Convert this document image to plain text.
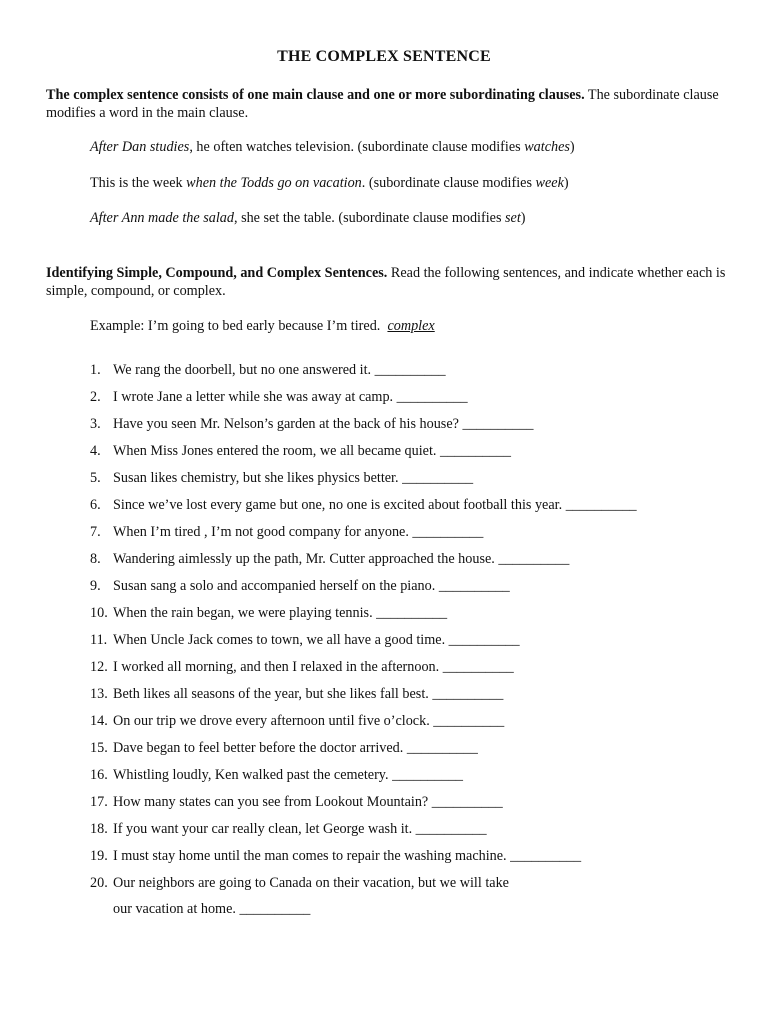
THE COMPLEX SENTENCE
The complex sentence consists of one main clause and one or more subordinating clauses. The subordinate clause modifies a word in the main clause.
After Dan studies, he often watches television. (subordinate clause modifies watches)
This is the week when the Todds go on vacation. (subordinate clause modifies week)
After Ann made the salad, she set the table. (subordinate clause modifies set)
Identifying Simple, Compound, and Complex Sentences. Read the following sentences, and indicate whether each is simple, compound, or complex.
Example: I’m going to bed early because I’m tired.  complex
1. We rang the doorbell, but no one answered it. __________
2. I wrote Jane a letter while she was away at camp. __________
3. Have you seen Mr. Nelson’s garden at the back of his house? __________
4. When Miss Jones entered the room, we all became quiet. __________
5. Susan likes chemistry, but she likes physics better. __________
6. Since we’ve lost every game but one, no one is excited about football this year. __________
7. When I’m tired , I’m not good company for anyone. __________
8. Wandering aimlessly up the path, Mr. Cutter approached the house. __________
9. Susan sang a solo and accompanied herself on the piano. __________
10. When the rain began, we were playing tennis. __________
11. When Uncle Jack comes to town, we all have a good time. __________
12. I worked all morning, and then I relaxed in the afternoon. __________
13. Beth likes all seasons of the year, but she likes fall best. __________
14. On our trip we drove every afternoon until five o’clock. __________
15. Dave began to feel better before the doctor arrived. __________
16. Whistling loudly, Ken walked past the cemetery. __________
17. How many states can you see from Lookout Mountain? __________
18. If you want your car really clean, let George wash it. __________
19. I must stay home until the man comes to repair the washing machine. __________
20. Our neighbors are going to Canada on their vacation, but we will take
our vacation at home. __________
